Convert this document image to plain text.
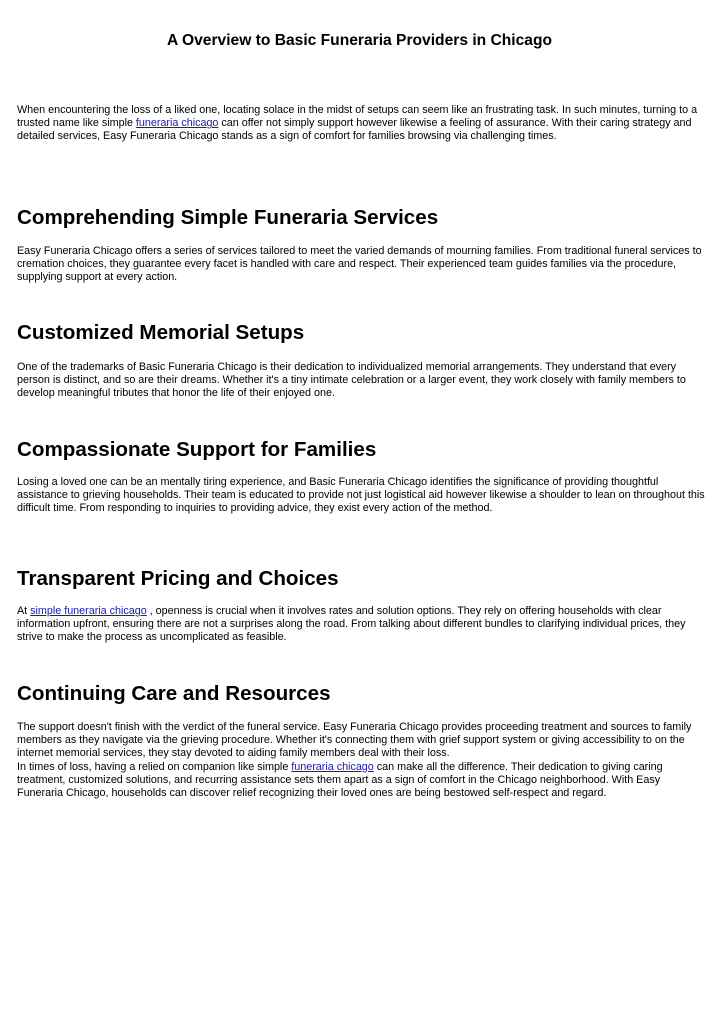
A Overview to Basic Funeraria Providers in Chicago

When encountering the loss of a liked one, locating solace in the midst of setups can seem like an frustrating task. In such minutes, turning to a trusted name like simple funeraria chicago can offer not simply support however likewise a feeling of assurance. With their caring strategy and detailed services, Easy Funeraria Chicago stands as a sign of comfort for families browsing via challenging times.

Comprehending Simple Funeraria Services

Easy Funeraria Chicago offers a series of services tailored to meet the varied demands of mourning families. From traditional funeral services to cremation choices, they guarantee every facet is handled with care and respect. Their experienced team guides families via the procedure, supplying support at every action.

Customized Memorial Setups

One of the trademarks of Basic Funeraria Chicago is their dedication to individualized memorial arrangements. They understand that every person is distinct, and so are their dreams. Whether it's a tiny intimate celebration or a larger event, they work closely with family members to develop meaningful tributes that honor the life of their enjoyed one.

Compassionate Support for Families

Losing a loved one can be an mentally tiring experience, and Basic Funeraria Chicago identifies the significance of providing thoughtful assistance to grieving households. Their team is educated to provide not just logistical aid however likewise a shoulder to lean on throughout this difficult time. From responding to inquiries to providing advice, they exist every action of the method.

Transparent Pricing and Choices

At simple funeraria chicago , openness is crucial when it involves rates and solution options. They rely on offering households with clear information upfront, ensuring there are not a surprises along the road. From talking about different bundles to clarifying individual prices, they strive to make the process as uncomplicated as feasible.

Continuing Care and Resources

The support doesn't finish with the verdict of the funeral service. Easy Funeraria Chicago provides proceeding treatment and sources to family members as they navigate via the grieving procedure. Whether it's connecting them with grief support system or giving accessibility to on the internet memorial services, they stay devoted to aiding family members deal with their loss.
In times of loss, having a relied on companion like simple funeraria chicago can make all the difference. Their dedication to giving caring treatment, customized solutions, and recurring assistance sets them apart as a sign of comfort in the Chicago neighborhood. With Easy Funeraria Chicago, households can discover relief recognizing their loved ones are being bestowed self-respect and regard.
